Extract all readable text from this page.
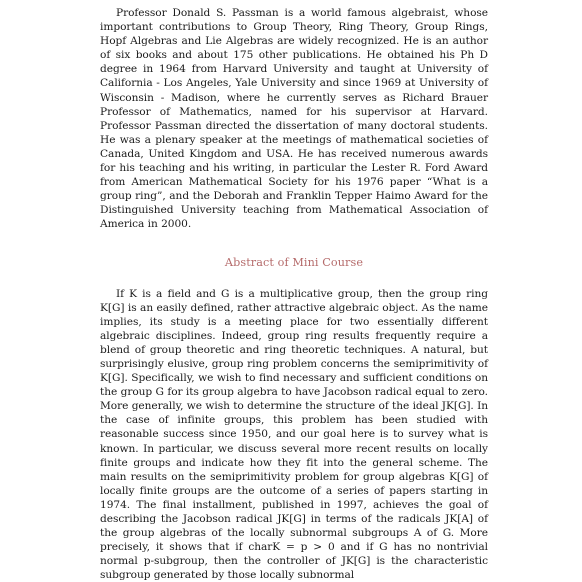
Professor Donald S. Passman is a world famous algebraist, whose important contributions to Group Theory, Ring Theory, Group Rings, Hopf Algebras and Lie Algebras are widely recognized. He is an author of six books and about 175 other publications. He obtained his Ph D degree in 1964 from Harvard University and taught at University of California - Los Angeles, Yale University and since 1969 at University of Wisconsin - Madison, where he currently serves as Richard Brauer Professor of Mathematics, named for his supervisor at Harvard. Professor Passman directed the dissertation of many doctoral students. He was a plenary speaker at the meetings of mathematical societies of Canada, United Kingdom and USA. He has received numerous awards for his teaching and his writing, in particular the Lester R. Ford Award from American Mathematical Society for his 1976 paper “What is a group ring”, and the Deborah and Franklin Tepper Haimo Award for the Distinguished University teaching from Mathematical Association of America in 2000.

Abstract of Mini Course

If K is a field and G is a multiplicative group, then the group ring K[G] is an easily defined, rather attractive algebraic object. As the name implies, its study is a meeting place for two essentially different algebraic disciplines. Indeed, group ring results frequently require a blend of group theoretic and ring theoretic techniques. A natural, but surprisingly elusive, group ring problem concerns the semiprimitivity of K[G]. Specifically, we wish to find necessary and sufficient conditions on the group G for its group algebra to have Jacobson radical equal to zero. More generally, we wish to determine the structure of the ideal JK[G]. In the case of infinite groups, this problem has been studied with reasonable success since 1950, and our goal here is to survey what is known. In particular, we discuss several more recent results on locally finite groups and indicate how they fit into the general scheme. The main results on the semiprimitivity problem for group algebras K[G] of locally finite groups are the outcome of a series of papers starting in 1974. The final installment, published in 1997, achieves the goal of describing the Jacobson radical JK[G] in terms of the radicals JK[A] of the group algebras of the locally subnormal subgroups A of G. More precisely, it shows that if charK = p > 0 and if G has no nontrivial normal p-subgroup, then the controller of JK[G] is the characteristic subgroup generated by those locally subnormal
